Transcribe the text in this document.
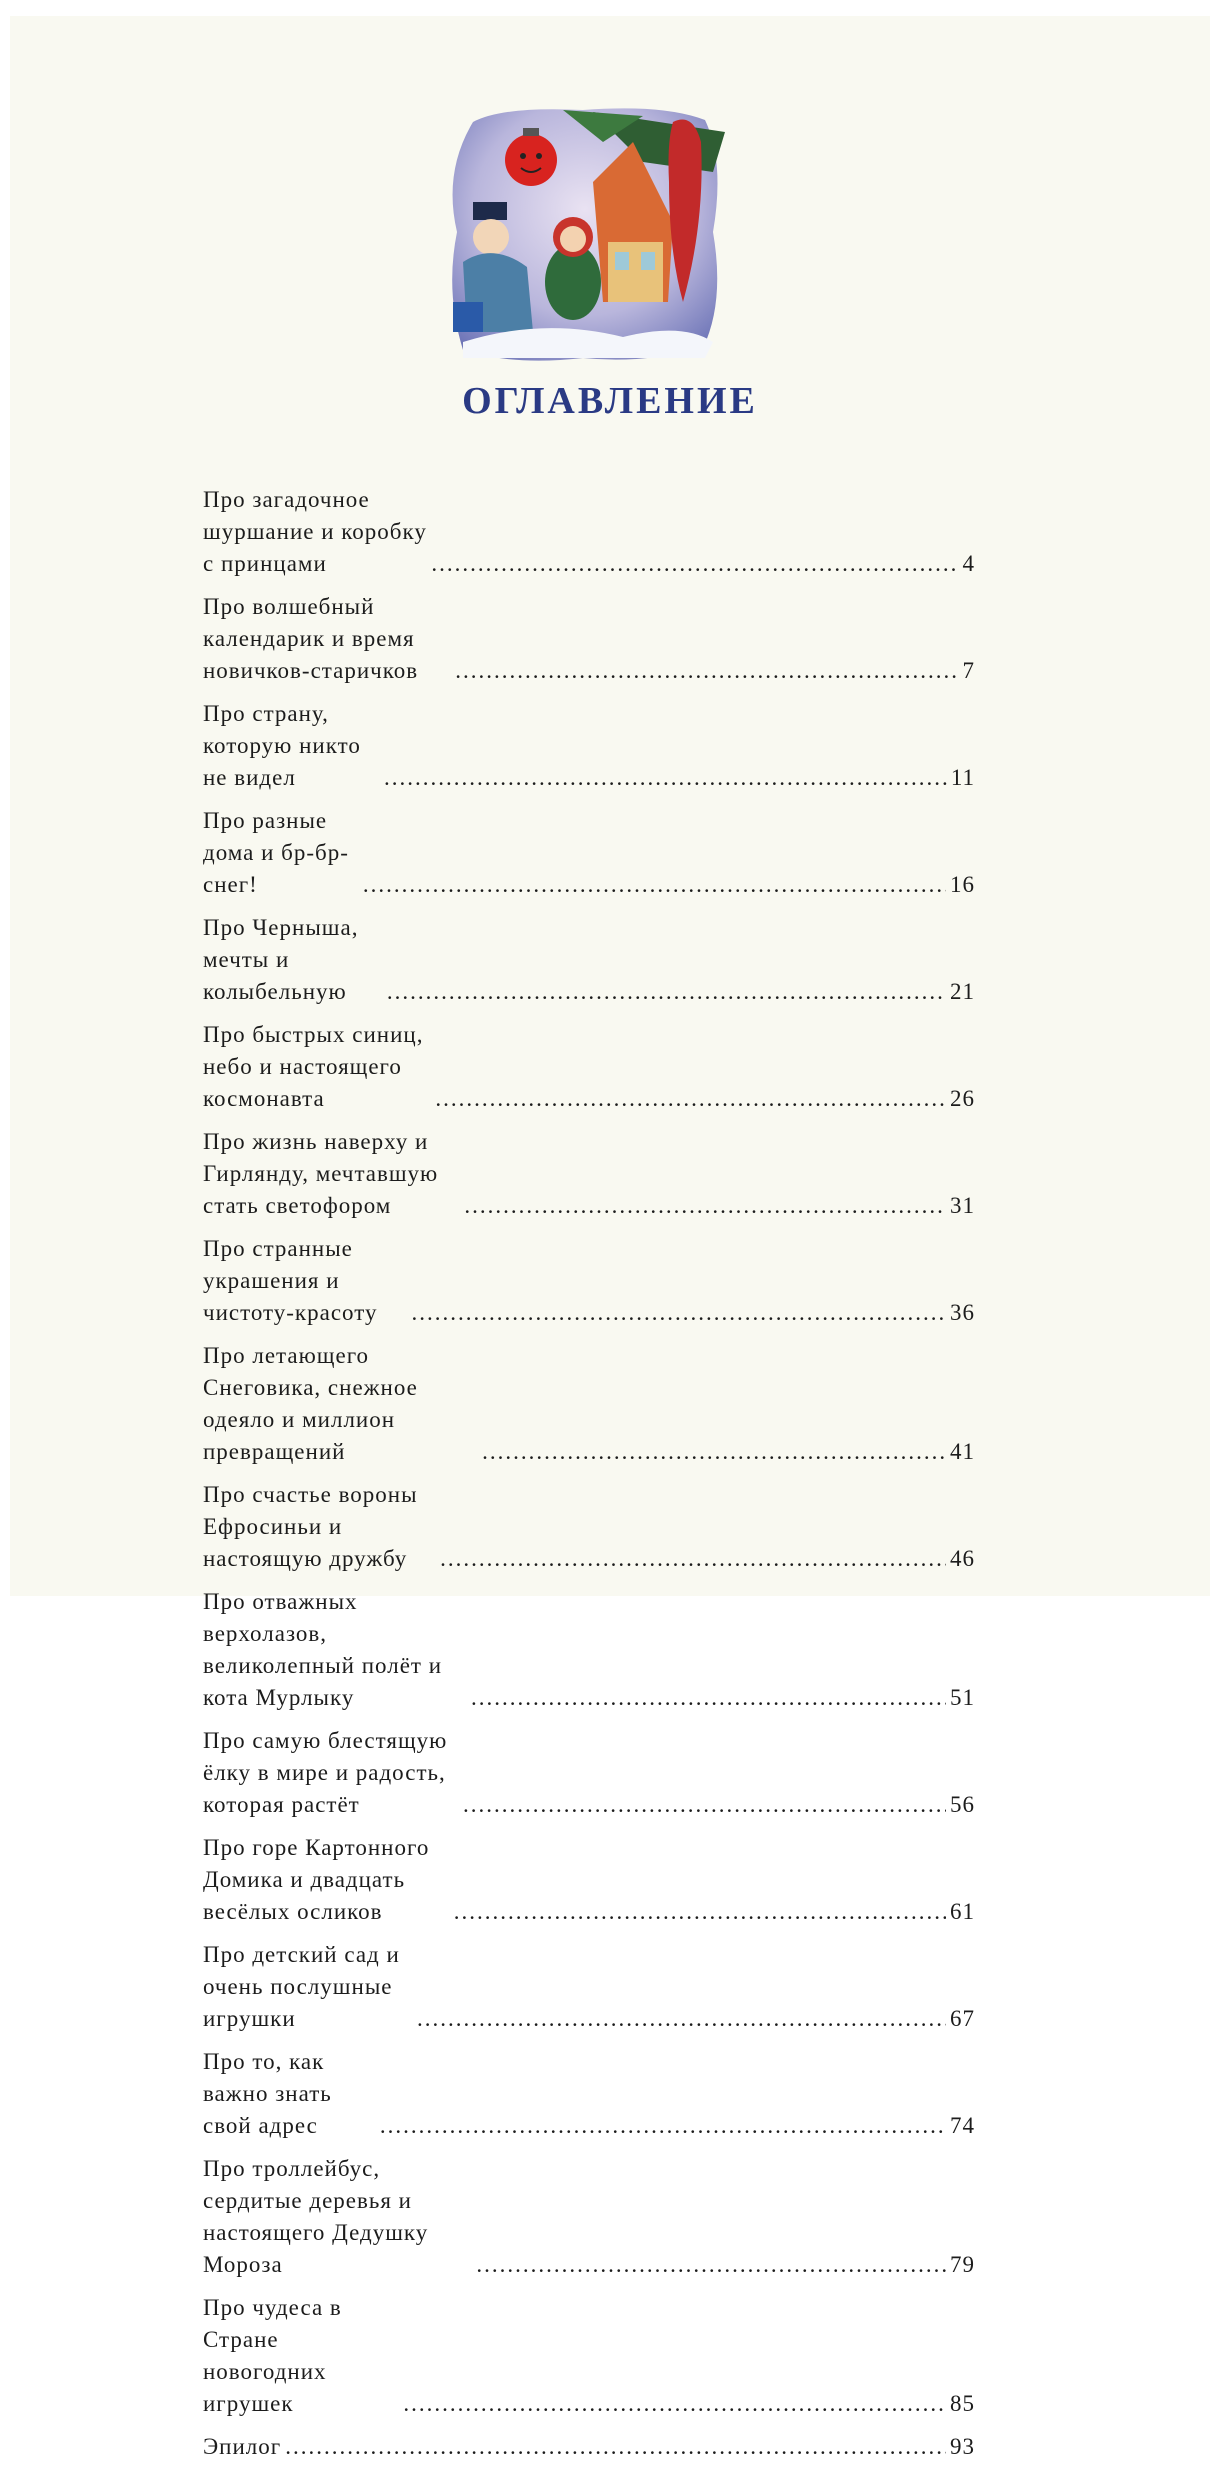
ОГЛАВЛЕНИЕ
Про загадочное шуршание и коробку с принцами .....	4
Про волшебный календарик и время новичков-старичков .....	7
Про страну, которую никто не видел .....	11
Про разные дома и бр-бр-снег! .....	16
Про Черныша, мечты и колыбельную .....	21
Про быстрых синиц, небо и настоящего космонавта .....	26
Про жизнь наверху и Гирлянду, мечтавшую стать светофором .....	31
Про странные украшения и чистоту-красоту .....	36
Про летающего Снеговика, снежное одеяло и миллион превращений .....	41
Про счастье вороны Ефросиньи и настоящую дружбу .....	46
Про отважных верхолазов, великолепный полёт и кота Мурлыку .....	51
Про самую блестящую ёлку в мире и радость, которая растёт .....	56
Про горе Картонного Домика и двадцать весёлых осликов .....	61
Про детский сад и очень послушные игрушки .....	67
Про то, как важно знать свой адрес .....	74
Про троллейбус, сердитые деревья и настоящего Дедушку Мороза .....	79
Про чудеса в Стране новогодних игрушек .....	85
Эпилог .....	93
